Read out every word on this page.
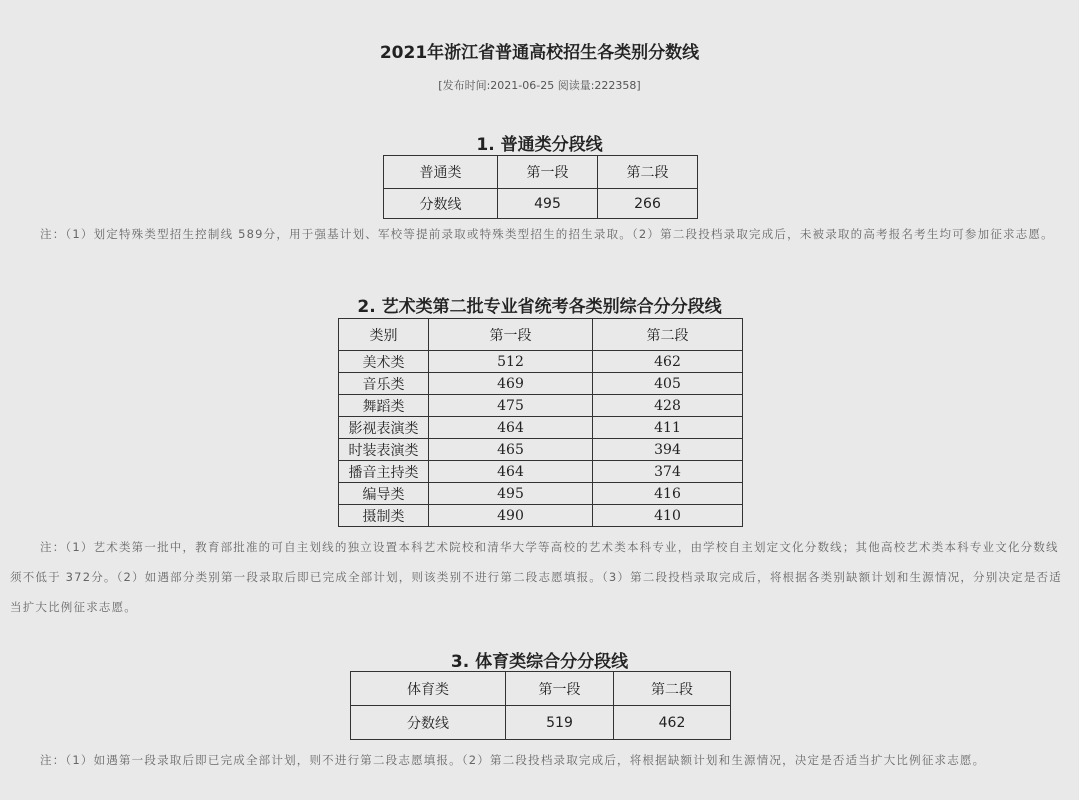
2021年浙江省普通高校招生各类别分数线
[发布时间:2021-06-25 阅读量:222358]
1. 普通类分段线
普通类	第一段	第二段
分数线	495	266
注：（1）划定特殊类型招生控制线 589分，用于强基计划、军校等提前录取或特殊类型招生的招生录取。（2）第二段投档录取完成后，未被录取的高考报名考生均可参加征求志愿。
2. 艺术类第二批专业省统考各类别综合分分段线
类别	第一段	第二段
美术类	512	462
音乐类	469	405
舞蹈类	475	428
影视表演类	464	411
时装表演类	465	394
播音主持类	464	374
编导类	495	416
摄制类	490	410
注：（1）艺术类第一批中，教育部批准的可自主划线的独立设置本科艺术院校和清华大学等高校的艺术类本科专业，由学校自主划定文化分数线；其他高校艺术类本科专业文化分数线须不低于 372分。（2）如遇部分类别第一段录取后即已完成全部计划，则该类别不进行第二段志愿填报。（3）第二段投档录取完成后，将根据各类别缺额计划和生源情况，分别决定是否适当扩大比例征求志愿。
3. 体育类综合分分段线
体育类	第一段	第二段
分数线	519	462
注：（1）如遇第一段录取后即已完成全部计划，则不进行第二段志愿填报。（2）第二段投档录取完成后，将根据缺额计划和生源情况，决定是否适当扩大比例征求志愿。
